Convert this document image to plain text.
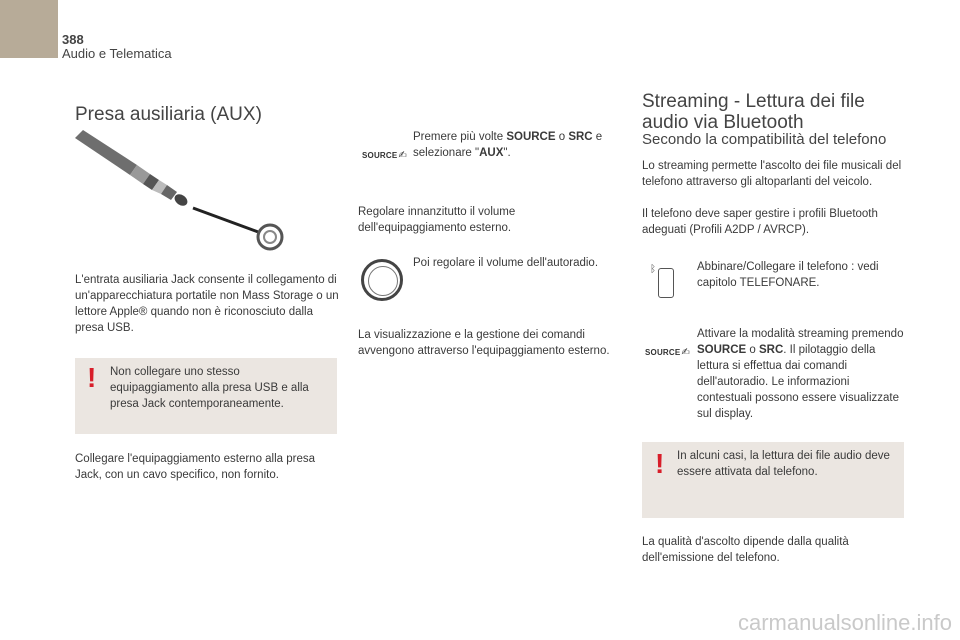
388
Audio e Telematica
Presa ausiliaria (AUX)
L'entrata ausiliaria Jack consente il collegamento di un'apparecchiatura portatile non Mass Storage o un lettore Apple® quando non è riconosciuto dalla presa USB.
! Non collegare uno stesso equipaggiamento alla presa USB e alla presa Jack contemporaneamente.
Collegare l'equipaggiamento esterno alla presa Jack, con un cavo specifico, non fornito.
SOURCE✍
Premere più volte SOURCE o SRC e selezionare "AUX".
Regolare innanzitutto il volume dell'equipaggiamento esterno.
Poi regolare il volume dell'autoradio.
La visualizzazione e la gestione dei comandi avvengono attraverso l'equipaggiamento esterno.
Streaming - Lettura dei file audio via Bluetooth
Secondo la compatibilità del telefono
Lo streaming permette l'ascolto dei file musicali del telefono attraverso gli altoparlanti del veicolo.
Il telefono deve saper gestire i profili Bluetooth adeguati (Profili A2DP / AVRCP).
ᛒ	Abbinare/Collegare il telefono : vedi capitolo TELEFONARE.
SOURCE✍
Attivare la modalità streaming premendo SOURCE o SRC. Il pilotaggio della lettura si effettua dai comandi dell'autoradio. Le informazioni contestuali possono essere visualizzate sul display.
! In alcuni casi, la lettura dei file audio deve essere attivata dal telefono.
La qualità d'ascolto dipende dalla qualità dell'emissione del telefono.
carmanualsonline.info
